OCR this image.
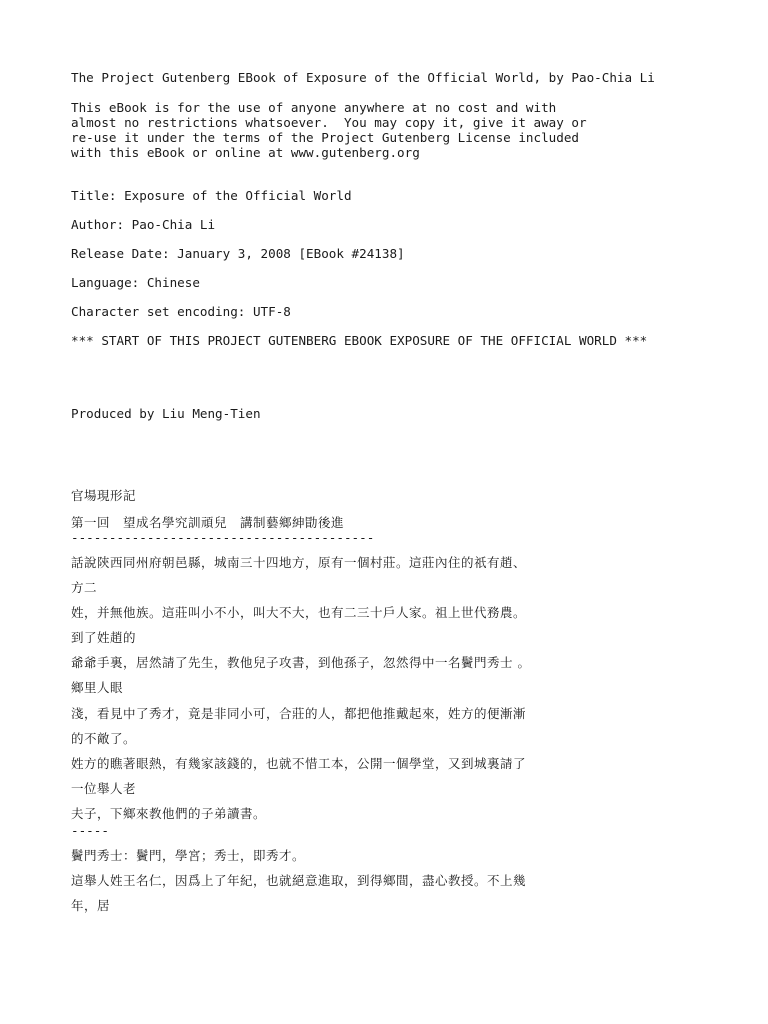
The Project Gutenberg EBook of Exposure of the Official World, by Pao-Chia Li
This eBook is for the use of anyone anywhere at no cost and with
almost no restrictions whatsoever.  You may copy it, give it away or
re-use it under the terms of the Project Gutenberg License included
with this eBook or online at www.gutenberg.org
Title: Exposure of the Official World
Author: Pao-Chia Li
Release Date: January 3, 2008 [EBook #24138]
Language: Chinese
Character set encoding: UTF-8
*** START OF THIS PROJECT GUTENBERG EBOOK EXPOSURE OF THE OFFICIAL WORLD ***
Produced by Liu Meng-Tien
官場現形記
第一回　望成名學究訓頑兒　講制藝鄉紳勖後進
----------------------------------------
話說陝西同州府朝邑縣，城南三十四地方，原有一個村莊。這莊內住的祇有趙、
方二
姓，并無他族。這莊叫小不小，叫大不大，也有二三十戶人家。祖上世代務農。
到了姓趙的
爺爺手裏，居然請了先生，教他兒子攻書，到他孫子，忽然得中一名鬢門秀士 。
鄉里人眼
淺，看見中了秀才，竟是非同小可，合莊的人，都把他推戴起來，姓方的便漸漸
的不敵了。
姓方的瞧著眼熱，有幾家該錢的，也就不惜工本，公開一個學堂，又到城裏請了
一位舉人老
夫子，下鄉來教他們的子弟讀書。
-----
鬢門秀士：鬢門，學宮；秀士，即秀才。
這舉人姓王名仁，因爲上了年紀，也就絕意進取，到得鄉間，盡心教授。不上幾
年，居
